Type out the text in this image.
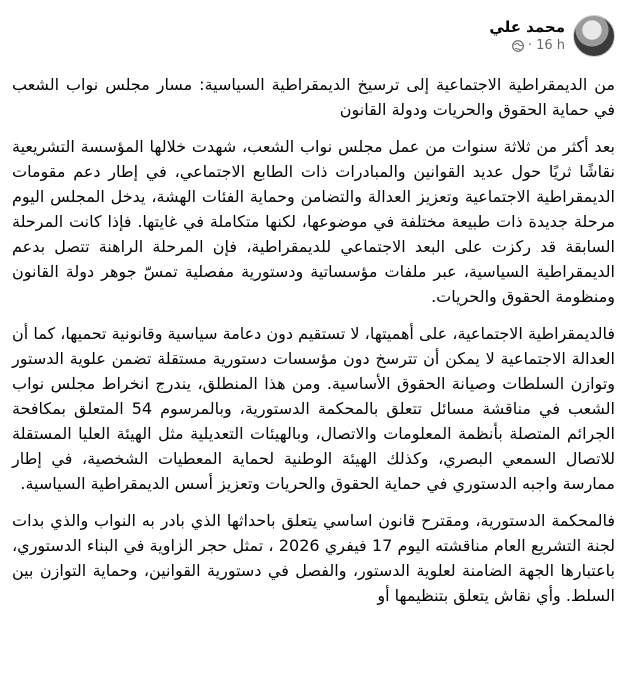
محمد علي
· 16 h

من الديمقراطية الاجتماعية إلى ترسيخ الديمقراطية السياسية: مسار مجلس نواب الشعب في حماية الحقوق والحريات ودولة القانون

بعد أكثر من ثلاثة سنوات من عمل مجلس نواب الشعب، شهدت خلالها المؤسسة التشريعية نقاشًا ثريًا حول عديد القوانين والمبادرات ذات الطابع الاجتماعي، في إطار دعم مقومات الديمقراطية الاجتماعية وتعزيز العدالة والتضامن وحماية الفئات الهشة، يدخل المجلس اليوم مرحلة جديدة ذات طبيعة مختلفة في موضوعها، لكنها متكاملة في غايتها. فإذا كانت المرحلة السابقة قد ركزت على البعد الاجتماعي للديمقراطية، فإن المرحلة الراهنة تتصل بدعم الديمقراطية السياسية، عبر ملفات مؤسساتية ودستورية مفصلية تمسّ جوهر دولة القانون ومنظومة الحقوق والحريات.

فالديمقراطية الاجتماعية، على أهميتها، لا تستقيم دون دعامة سياسية وقانونية تحميها، كما أن العدالة الاجتماعية لا يمكن أن تترسخ دون مؤسسات دستورية مستقلة تضمن علوية الدستور وتوازن السلطات وصيانة الحقوق الأساسية. ومن هذا المنطلق، يندرج انخراط مجلس نواب الشعب في مناقشة مسائل تتعلق بالمحكمة الدستورية، وبالمرسوم 54 المتعلق بمكافحة الجرائم المتصلة بأنظمة المعلومات والاتصال، وبالهيئات التعديلية مثل الهيئة العليا المستقلة للاتصال السمعي البصري، وكذلك الهيئة الوطنية لحماية المعطيات الشخصية، في إطار ممارسة واجبه الدستوري في حماية الحقوق والحريات وتعزيز أسس الديمقراطية السياسية.

فالمحكمة الدستورية، ومقترح قانون اساسي يتعلق باحداثها الذي بادر به النواب والذي بدات لجنة التشريع العام مناقشته اليوم 17 فيفري 2026 ، تمثل حجر الزاوية في البناء الدستوري، باعتبارها الجهة الضامنة لعلوية الدستور، والفصل في دستورية القوانين، وحماية التوازن بين السلط. وأي نقاش يتعلق بتنظيمها أو
